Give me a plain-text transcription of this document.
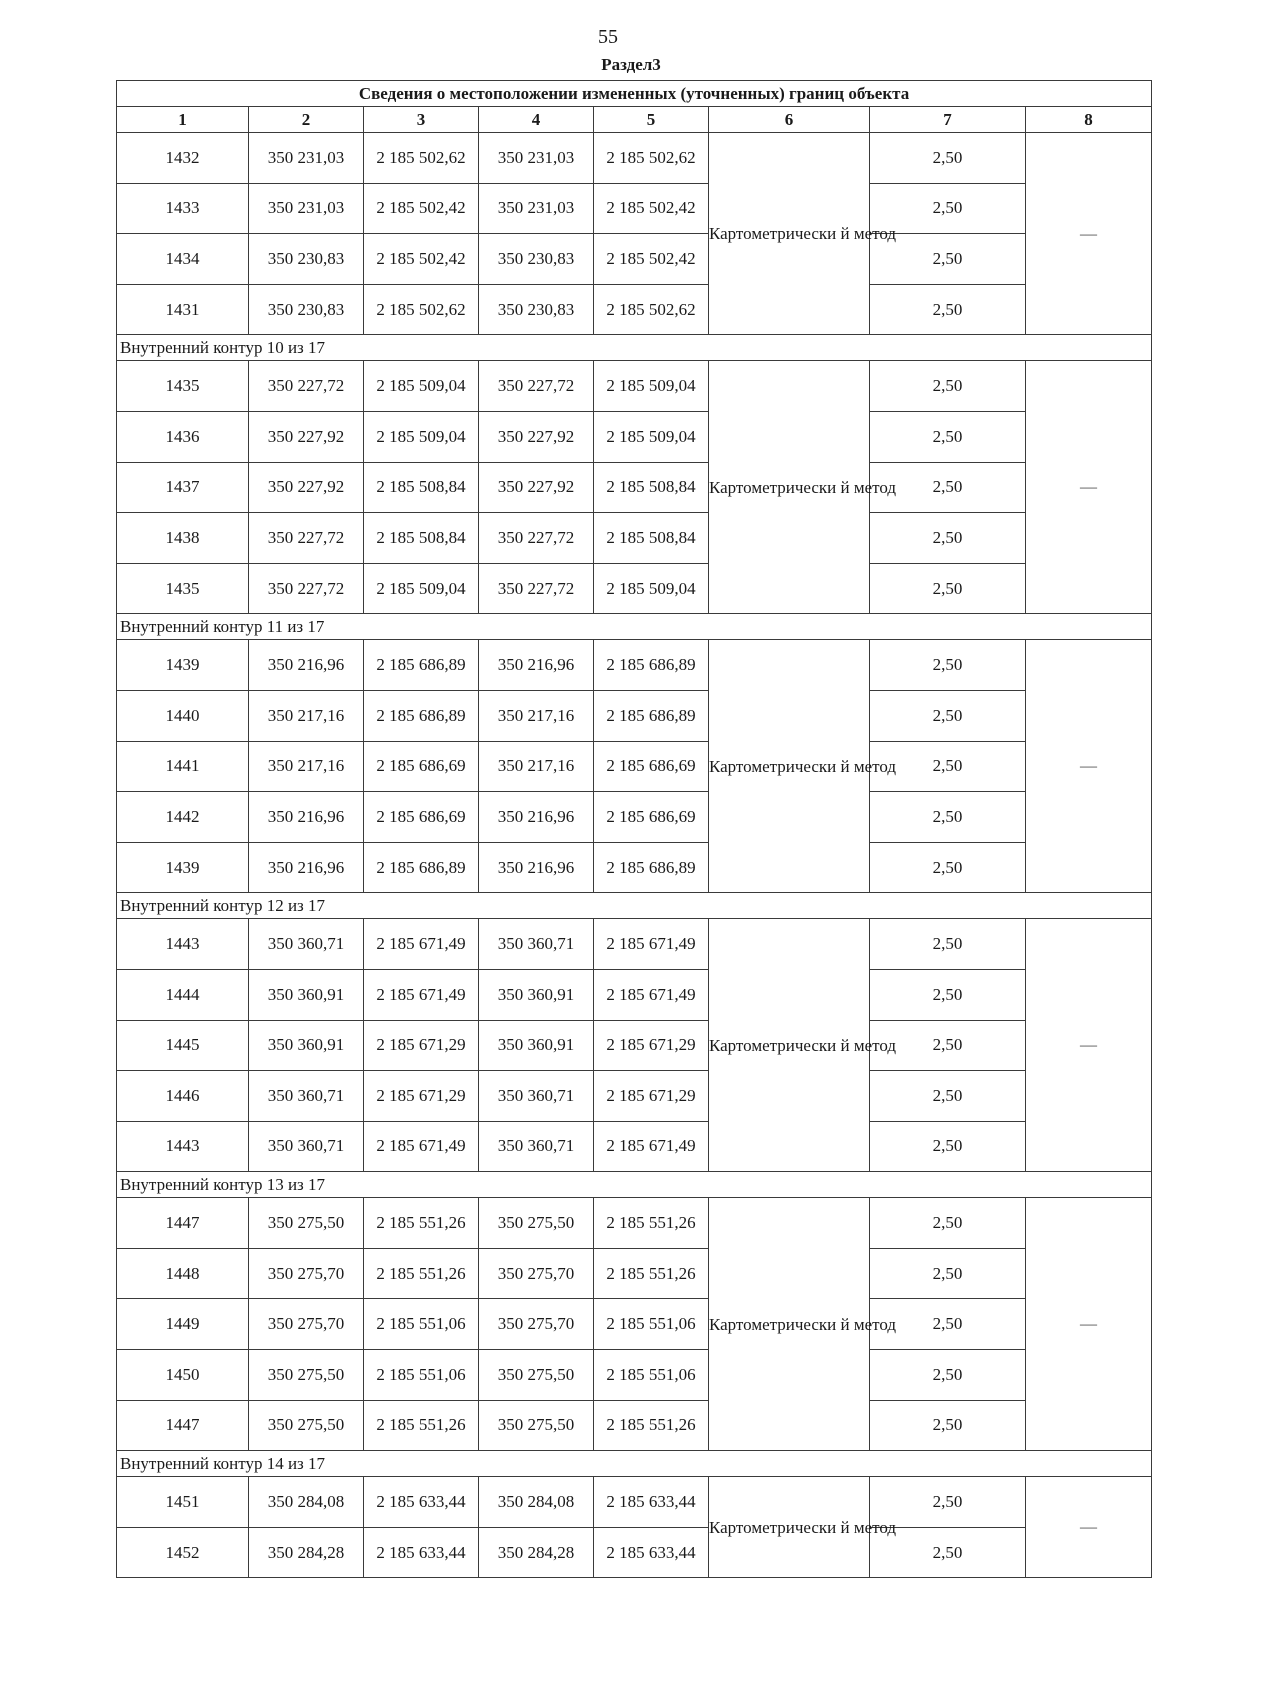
55
Раздел3
Сведения о местоположении измененных (уточненных) границ объекта							
1	2	3	4	5	6	7	8
1432	350 231,03	2 185 502,62	350 231,03	2 185 502,62	Картометрически й метод	2,50	—
1433	350 231,03	2 185 502,42	350 231,03	2 185 502,42		2,50	
1434	350 230,83	2 185 502,42	350 230,83	2 185 502,42		2,50	
1431	350 230,83	2 185 502,62	350 230,83	2 185 502,62		2,50	
Внутренний контур 10 из 17							
1435	350 227,72	2 185 509,04	350 227,72	2 185 509,04	Картометрически й метод	2,50	—
1436	350 227,92	2 185 509,04	350 227,92	2 185 509,04		2,50	
1437	350 227,92	2 185 508,84	350 227,92	2 185 508,84		2,50	
1438	350 227,72	2 185 508,84	350 227,72	2 185 508,84		2,50	
1435	350 227,72	2 185 509,04	350 227,72	2 185 509,04		2,50	
Внутренний контур 11 из 17							
1439	350 216,96	2 185 686,89	350 216,96	2 185 686,89	Картометрически й метод	2,50	—
1440	350 217,16	2 185 686,89	350 217,16	2 185 686,89		2,50	
1441	350 217,16	2 185 686,69	350 217,16	2 185 686,69		2,50	
1442	350 216,96	2 185 686,69	350 216,96	2 185 686,69		2,50	
1439	350 216,96	2 185 686,89	350 216,96	2 185 686,89		2,50	
Внутренний контур 12 из 17							
1443	350 360,71	2 185 671,49	350 360,71	2 185 671,49	Картометрически й метод	2,50	—
1444	350 360,91	2 185 671,49	350 360,91	2 185 671,49		2,50	
1445	350 360,91	2 185 671,29	350 360,91	2 185 671,29		2,50	
1446	350 360,71	2 185 671,29	350 360,71	2 185 671,29		2,50	
1443	350 360,71	2 185 671,49	350 360,71	2 185 671,49		2,50	
Внутренний контур 13 из 17							
1447	350 275,50	2 185 551,26	350 275,50	2 185 551,26	Картометрически й метод	2,50	—
1448	350 275,70	2 185 551,26	350 275,70	2 185 551,26		2,50	
1449	350 275,70	2 185 551,06	350 275,70	2 185 551,06		2,50	
1450	350 275,50	2 185 551,06	350 275,50	2 185 551,06		2,50	
1447	350 275,50	2 185 551,26	350 275,50	2 185 551,26		2,50	
Внутренний контур 14 из 17							
1451	350 284,08	2 185 633,44	350 284,08	2 185 633,44	Картометрически й метод	2,50	—
1452	350 284,28	2 185 633,44	350 284,28	2 185 633,44		2,50	
